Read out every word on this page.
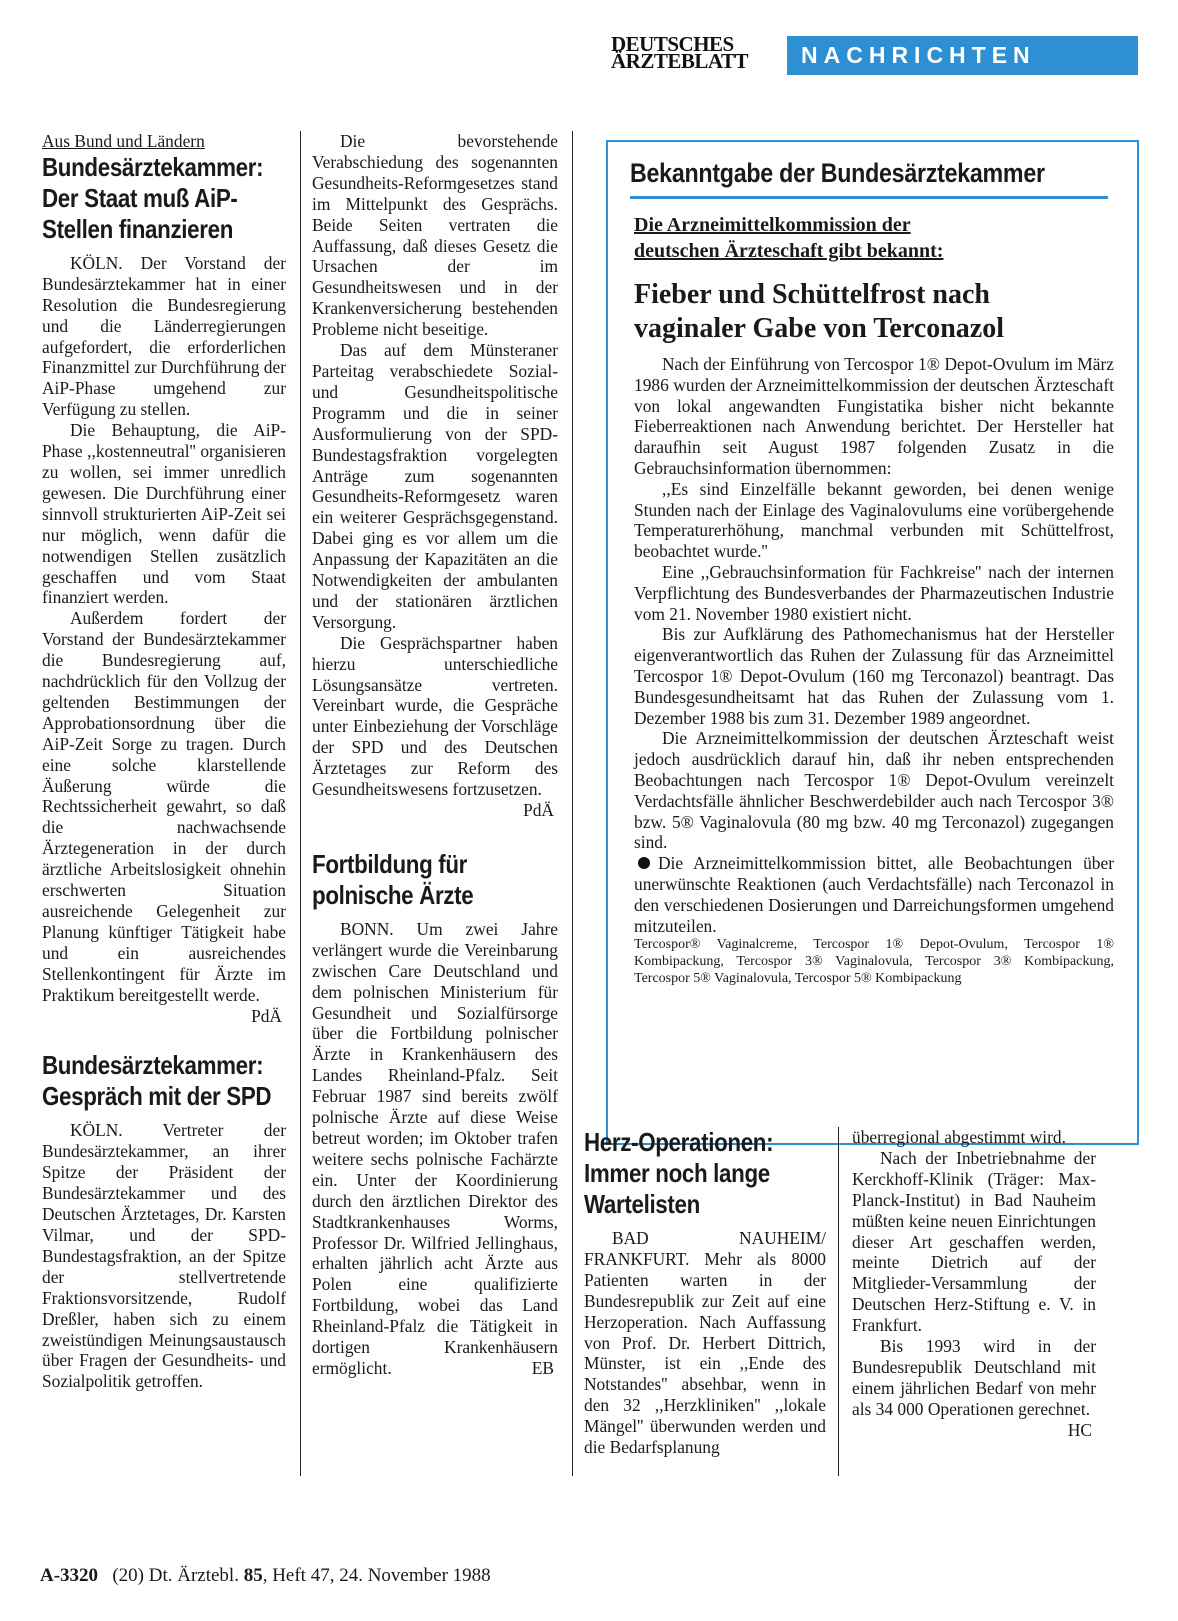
DEUTSCHES
ÄRZTEBLATT	NACHRICHTEN

Aus Bund und Ländern

Bundesärztekammer: Der Staat muß AiP-Stellen finanzieren

KÖLN. Der Vorstand der Bundesärztekammer hat in einer Resolution die Bundesregierung und die Länderregierungen aufgefordert, die erforderlichen Finanzmittel zur Durchführung der AiP-Phase umgehend zur Verfügung zu stellen.

Die Behauptung, die AiP-Phase ,,kostenneutral'' organisieren zu wollen, sei immer unredlich gewesen. Die Durchführung einer sinnvoll strukturierten AiP-Zeit sei nur möglich, wenn dafür die notwendigen Stellen zusätzlich geschaffen und vom Staat finanziert werden.

Außerdem fordert der Vorstand der Bundesärztekammer die Bundesregierung auf, nachdrücklich für den Vollzug der geltenden Bestimmungen der Approbationsordnung über die AiP-Zeit Sorge zu tragen. Durch eine solche klarstellende Äußerung würde die Rechtssicherheit gewahrt, so daß die nachwachsende Ärztegeneration in der durch ärztliche Arbeitslosigkeit ohnehin erschwerten Situation ausreichende Gelegenheit zur Planung künftiger Tätigkeit habe und ein ausreichendes Stellenkontingent für Ärzte im Praktikum bereitgestellt werde.
PdÄ

Bundesärztekammer: Gespräch mit der SPD

KÖLN. Vertreter der Bundesärztekammer, an ihrer Spitze der Präsident der Bundesärztekammer und des Deutschen Ärztetages, Dr. Karsten Vilmar, und der SPD-Bundestagsfraktion, an der Spitze der stellvertretende Fraktionsvorsitzende, Rudolf Dreßler, haben sich zu einem zweistündigen Meinungsaustausch über Fragen der Gesundheits- und Sozialpolitik getroffen.

Die bevorstehende Verabschiedung des sogenannten Gesundheits-Reformgesetzes stand im Mittelpunkt des Gesprächs. Beide Seiten vertraten die Auffassung, daß dieses Gesetz die Ursachen der im Gesundheitswesen und in der Krankenversicherung bestehenden Probleme nicht beseitige.

Das auf dem Münsteraner Parteitag verabschiedete Sozial- und Gesundheitspolitische Programm und die in seiner Ausformulierung von der SPD-Bundestagsfraktion vorgelegten Anträge zum sogenannten Gesundheits-Reformgesetz waren ein weiterer Gesprächsgegenstand. Dabei ging es vor allem um die Anpassung der Kapazitäten an die Notwendigkeiten der ambulanten und der stationären ärztlichen Versorgung.

Die Gesprächspartner haben hierzu unterschiedliche Lösungsansätze vertreten. Vereinbart wurde, die Gespräche unter Einbeziehung der Vorschläge der SPD und des Deutschen Ärztetages zur Reform des Gesundheitswesens fortzusetzen.
PdÄ

Fortbildung für polnische Ärzte

BONN. Um zwei Jahre verlängert wurde die Vereinbarung zwischen Care Deutschland und dem polnischen Ministerium für Gesundheit und Sozialfürsorge über die Fortbildung polnischer Ärzte in Krankenhäusern des Landes Rheinland-Pfalz. Seit Februar 1987 sind bereits zwölf polnische Ärzte auf diese Weise betreut worden; im Oktober trafen weitere sechs polnische Fachärzte ein. Unter der Koordinierung durch den ärztlichen Direktor des Stadtkrankenhauses Worms, Professor Dr. Wilfried Jellinghaus, erhalten jährlich acht Ärzte aus Polen eine qualifizierte Fortbildung, wobei das Land Rheinland-Pfalz die Tätigkeit in dortigen Krankenhäusern ermöglicht.	EB

Bekanntgabe der Bundesärztekammer
Die Arzneimittelkommission der
deutschen Ärzteschaft gibt bekannt:
Fieber und Schüttelfrost nach
vaginaler Gabe von Terconazol

Nach der Einführung von Tercospor 1® Depot-Ovulum im März 1986 wurden der Arzneimittelkommission der deutschen Ärzteschaft von lokal angewandten Fungistatika bisher nicht bekannte Fieberreaktionen nach Anwendung berichtet. Der Hersteller hat daraufhin seit August 1987 folgenden Zusatz in die Gebrauchsinformation übernommen:

,,Es sind Einzelfälle bekannt geworden, bei denen wenige Stunden nach der Einlage des Vaginalovulums eine vorübergehende Temperaturerhöhung, manchmal verbunden mit Schüttelfrost, beobachtet wurde.''

Eine ,,Gebrauchsinformation für Fachkreise'' nach der internen Verpflichtung des Bundesverbandes der Pharmazeutischen Industrie vom 21. November 1980 existiert nicht.

Bis zur Aufklärung des Pathomechanismus hat der Hersteller eigenverantwortlich das Ruhen der Zulassung für das Arzneimittel Tercospor 1® Depot-Ovulum (160 mg Terconazol) beantragt. Das Bundesgesundheitsamt hat das Ruhen der Zulassung vom 1. Dezember 1988 bis zum 31. Dezember 1989 angeordnet.

Die Arzneimittelkommission der deutschen Ärzteschaft weist jedoch ausdrücklich darauf hin, daß ihr neben entsprechenden Beobachtungen nach Tercospor 1® Depot-Ovulum vereinzelt Verdachtsfälle ähnlicher Beschwerdebilder auch nach Tercospor 3® bzw. 5® Vaginalovula (80 mg bzw. 40 mg Terconazol) zugegangen sind.

Die Arzneimittelkommission bittet, alle Beobachtungen über unerwünschte Reaktionen (auch Verdachtsfälle) nach Terconazol in den verschiedenen Dosierungen und Darreichungsformen umgehend mitzuteilen.

Tercospor® Vaginalcreme, Tercospor 1® Depot-Ovulum, Tercospor 1® Kombipackung, Tercospor 3® Vaginalovula, Tercospor 3® Kombipackung, Tercospor 5® Vaginalovula, Tercospor 5® Kombipackung

Herz-Operationen: Immer noch lange Wartelisten

BAD NAUHEIM/ FRANKFURT. Mehr als 8000 Patienten warten in der Bundesrepublik zur Zeit auf eine Herzoperation. Nach Auffassung von Prof. Dr. Herbert Dittrich, Münster, ist ein ,,Ende des Notstandes'' absehbar, wenn in den 32 ,,Herzkliniken'' ,,lokale Mängel'' überwunden werden und die Bedarfsplanung

überregional abgestimmt wird.

Nach der Inbetriebnahme der Kerckhoff-Klinik (Träger: Max-Planck-Institut) in Bad Nauheim müßten keine neuen Einrichtungen dieser Art geschaffen werden, meinte Dietrich auf der Mitglieder-Versammlung der Deutschen Herz-Stiftung e. V. in Frankfurt.

Bis 1993 wird in der Bundesrepublik Deutschland mit einem jährlichen Bedarf von mehr als 34 000 Operationen gerechnet.
HC

A-3320 (20) Dt. Ärztebl. 85, Heft 47, 24. November 1988
